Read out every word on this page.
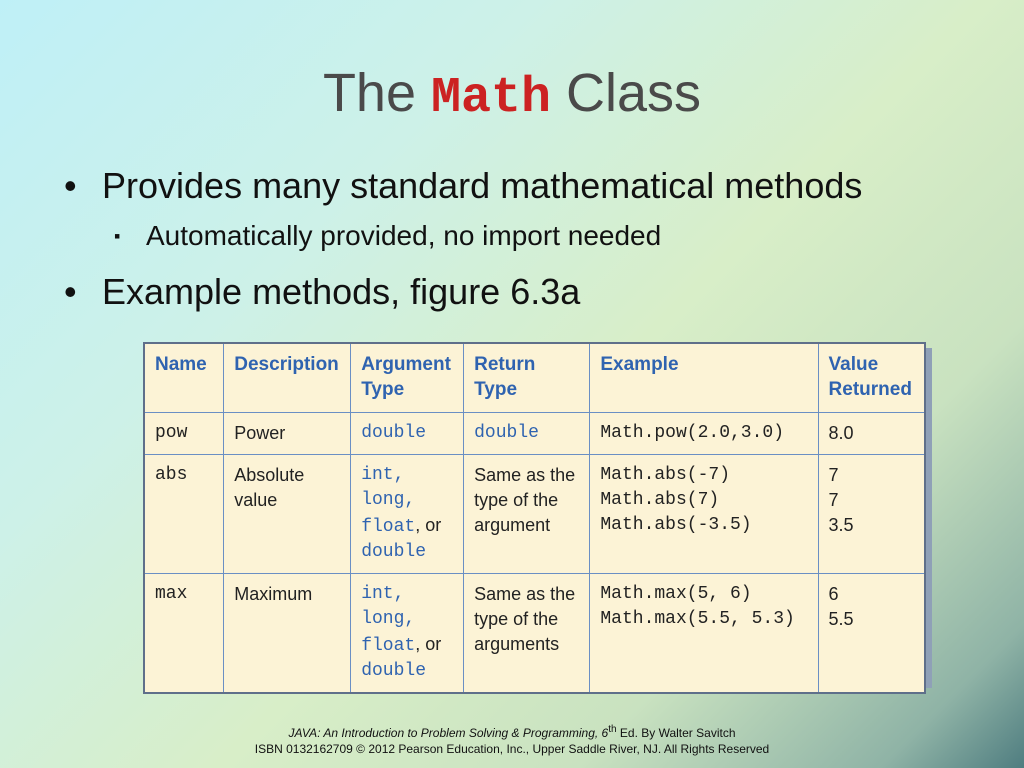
The Math Class
• Provides many standard mathematical methods
▪ Automatically provided, no import needed
• Example methods, figure 6.3a
Name	Description	Argument Type	Return Type	Example	Value Returned
pow	Power	double	double	Math.pow(2.0,3.0)	8.0
abs	Absolute value	int,
long,
float, or
double	Same as the type of the argument	Math.abs(-7)
Math.abs(7)
Math.abs(-3.5)	7
7
3.5

max	Maximum	int,
long,
float, or
double	Same as the type of the arguments	Math.max(5, 6)
Math.max(5.5, 5.3)	6
5.5
JAVA: An Introduction to Problem Solving & Programming, 6th Ed. By Walter Savitch
ISBN 0132162709 © 2012 Pearson Education, Inc., Upper Saddle River, NJ. All Rights Reserved
